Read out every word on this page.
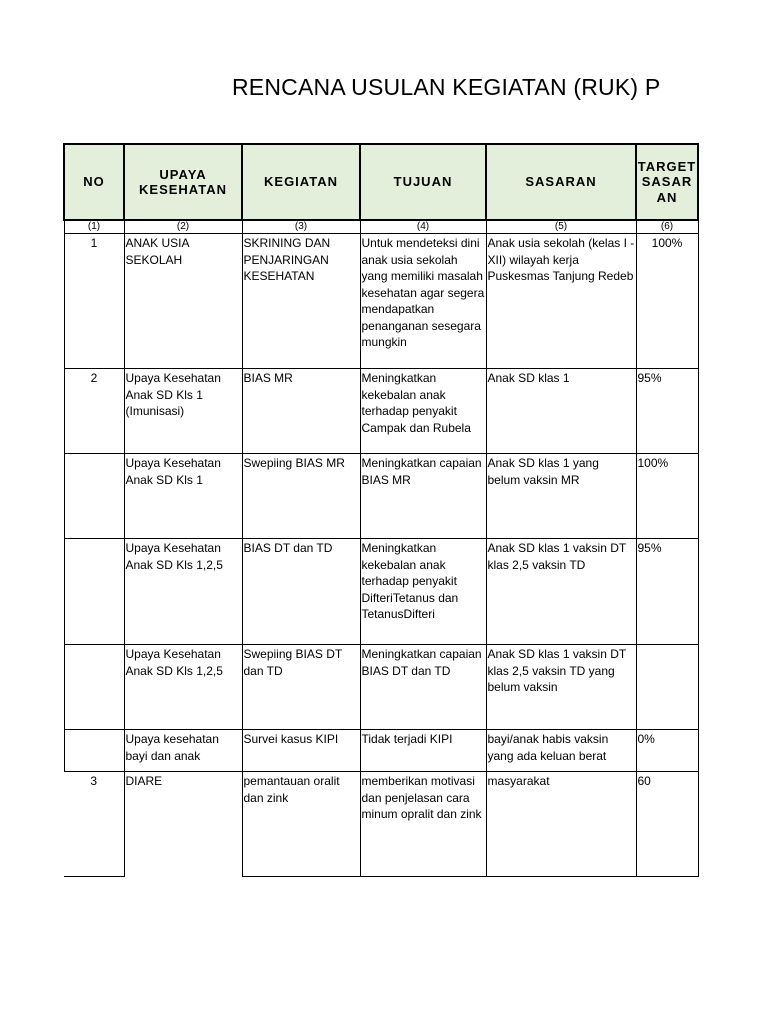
RENCANA USULAN KEGIATAN (RUK) P
NO	UPAYA KESEHATAN	KEGIATAN	TUJUAN	SASARAN	TARGET SASAR AN
(1)	(2)	(3)	(4)	(5)	(6)
1	ANAK USIA SEKOLAH	SKRINING DAN PENJARINGAN KESEHATAN	Untuk mendeteksi dini anak usia sekolah yang memiliki masalah kesehatan agar segera mendapatkan penanganan sesegara mungkin	Anak usia sekolah (kelas I - XII) wilayah kerja Puskesmas Tanjung Redeb	100%
2	Upaya Kesehatan Anak SD Kls 1 (Imunisasi)	BIAS MR	Meningkatkan kekebalan anak terhadap penyakit Campak dan Rubela	Anak SD klas 1	95%
	Upaya Kesehatan Anak SD Kls 1	Swepiing BIAS MR	Meningkatkan capaian BIAS MR	Anak SD klas 1 yang belum vaksin MR	100%
	Upaya Kesehatan Anak SD Kls 1,2,5	BIAS DT dan TD	Meningkatkan kekebalan anak terhadap penyakit DifteriTetanus dan TetanusDifteri	Anak SD klas 1 vaksin DT klas 2,5 vaksin TD	95%
	Upaya Kesehatan Anak SD Kls 1,2,5	Swepiing BIAS DT dan TD	Meningkatkan capaian BIAS DT dan TD	Anak SD klas 1 vaksin DT klas 2,5 vaksin TD yang belum vaksin	
	Upaya kesehatan bayi dan anak	Survei kasus KIPI	Tidak terjadi KIPI	bayi/anak habis vaksin yang ada keluan berat	0%
3	DIARE	pemantauan oralit dan zink	memberikan motivasi dan penjelasan cara minum opralit dan zink	masyarakat	60
